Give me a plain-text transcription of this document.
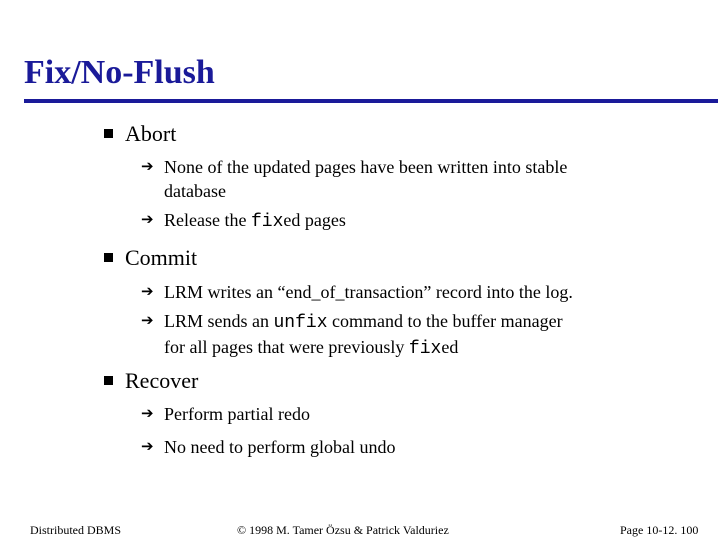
Fix/No-Flush
Abort
➔ None of the updated pages have been written into stable
database
➔ Release the fixed pages
Commit
➔ LRM writes an “end_of_transaction” record into the log.
➔ LRM sends an unfix command to the buffer manager
for all pages that were previously fixed
Recover
➔ Perform partial redo
➔ No need to perform global undo
Distributed DBMS	© 1998 M. Tamer Özsu & Patrick Valduriez	Page 10-12. 100
